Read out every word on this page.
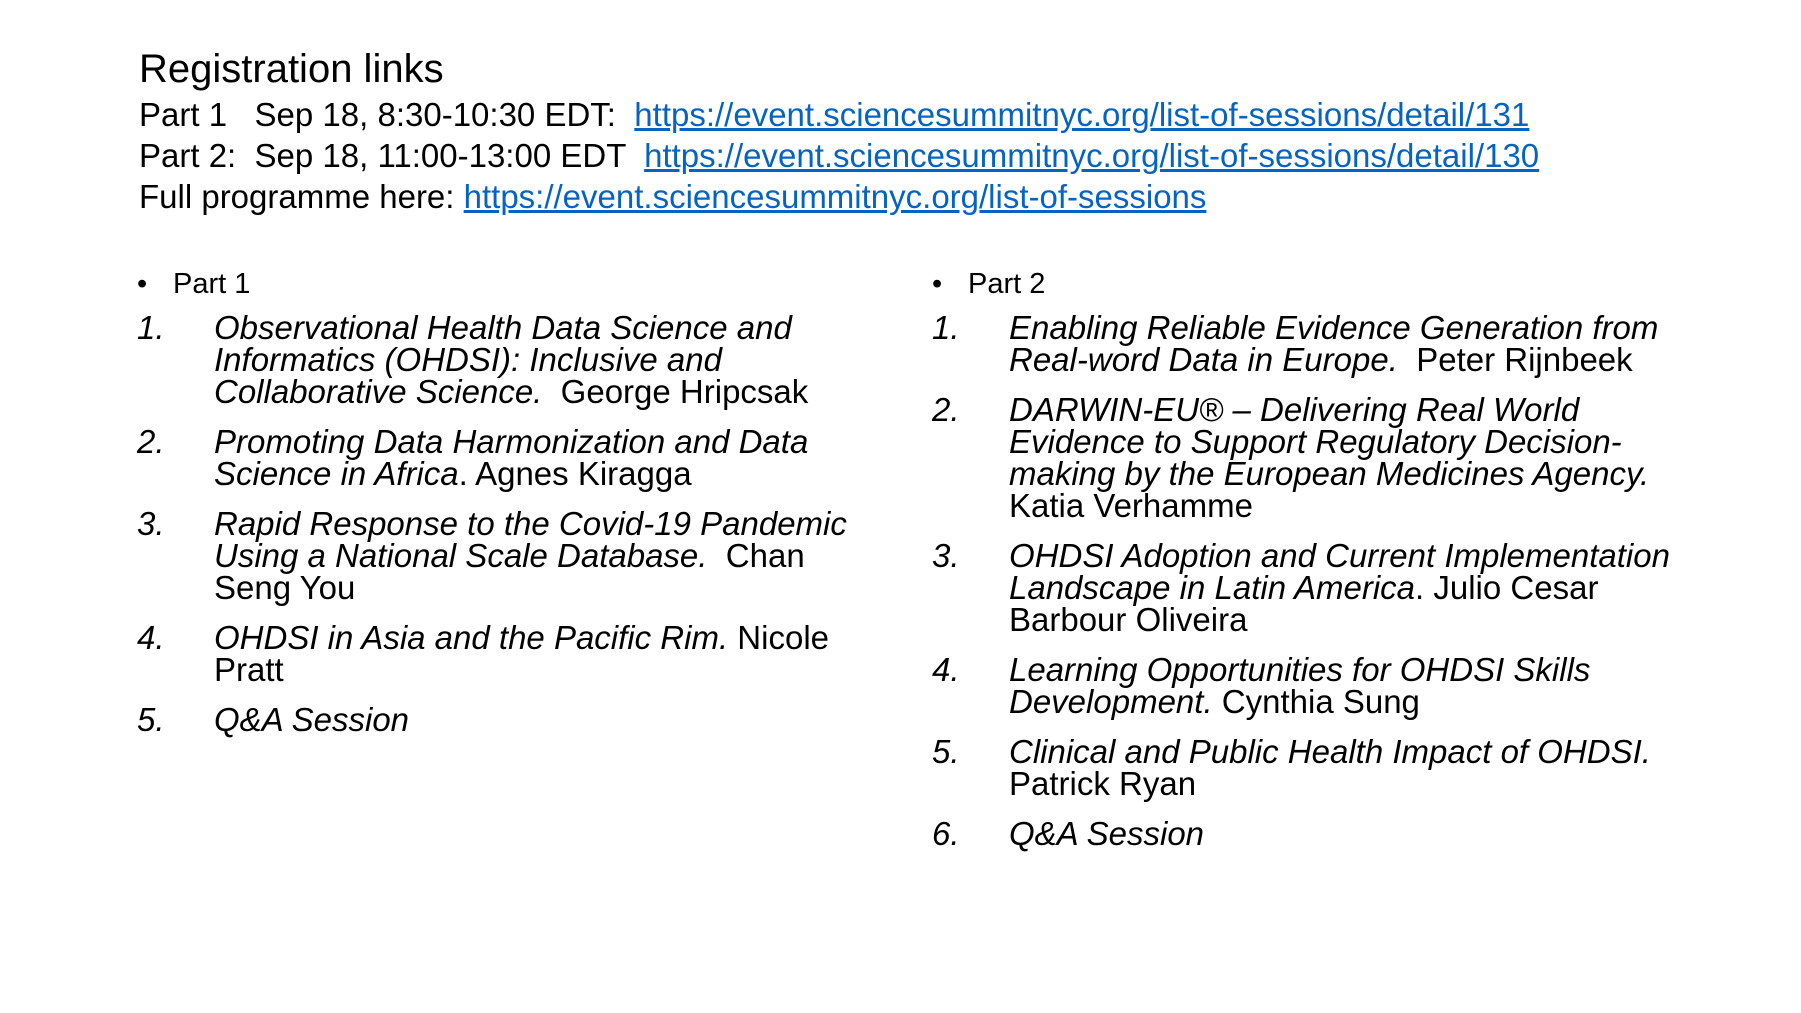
Registration links
Part 1   Sep 18, 8:30-10:30 EDT:  https://event.sciencesummitnyc.org/list-of-sessions/detail/131
Part 2:  Sep 18, 11:00-13:00 EDT  https://event.sciencesummitnyc.org/list-of-sessions/detail/130
Full programme here: https://event.sciencesummitnyc.org/list-of-sessions
• Part 1
1.	Observational Health Data Science and Informatics (OHDSI): Inclusive and Collaborative Science.  George Hripcsak
2.	Promoting Data Harmonization and Data Science in Africa. Agnes Kiragga
3.	Rapid Response to the Covid-19 Pandemic Using a National Scale Database.  Chan Seng You
4.	OHDSI in Asia and the Pacific Rim. Nicole Pratt
5.	Q&A Session
• Part 2
1.	Enabling Reliable Evidence Generation from Real-word Data in Europe.  Peter Rijnbeek
2.	DARWIN-EU® – Delivering Real World Evidence to Support Regulatory Decision-making by the European Medicines Agency. Katia Verhamme
3.	OHDSI Adoption and Current Implementation Landscape in Latin America. Julio Cesar Barbour Oliveira
4.	Learning Opportunities for OHDSI Skills Development. Cynthia Sung
5.	Clinical and Public Health Impact of OHDSI. Patrick Ryan
6.	Q&A Session
